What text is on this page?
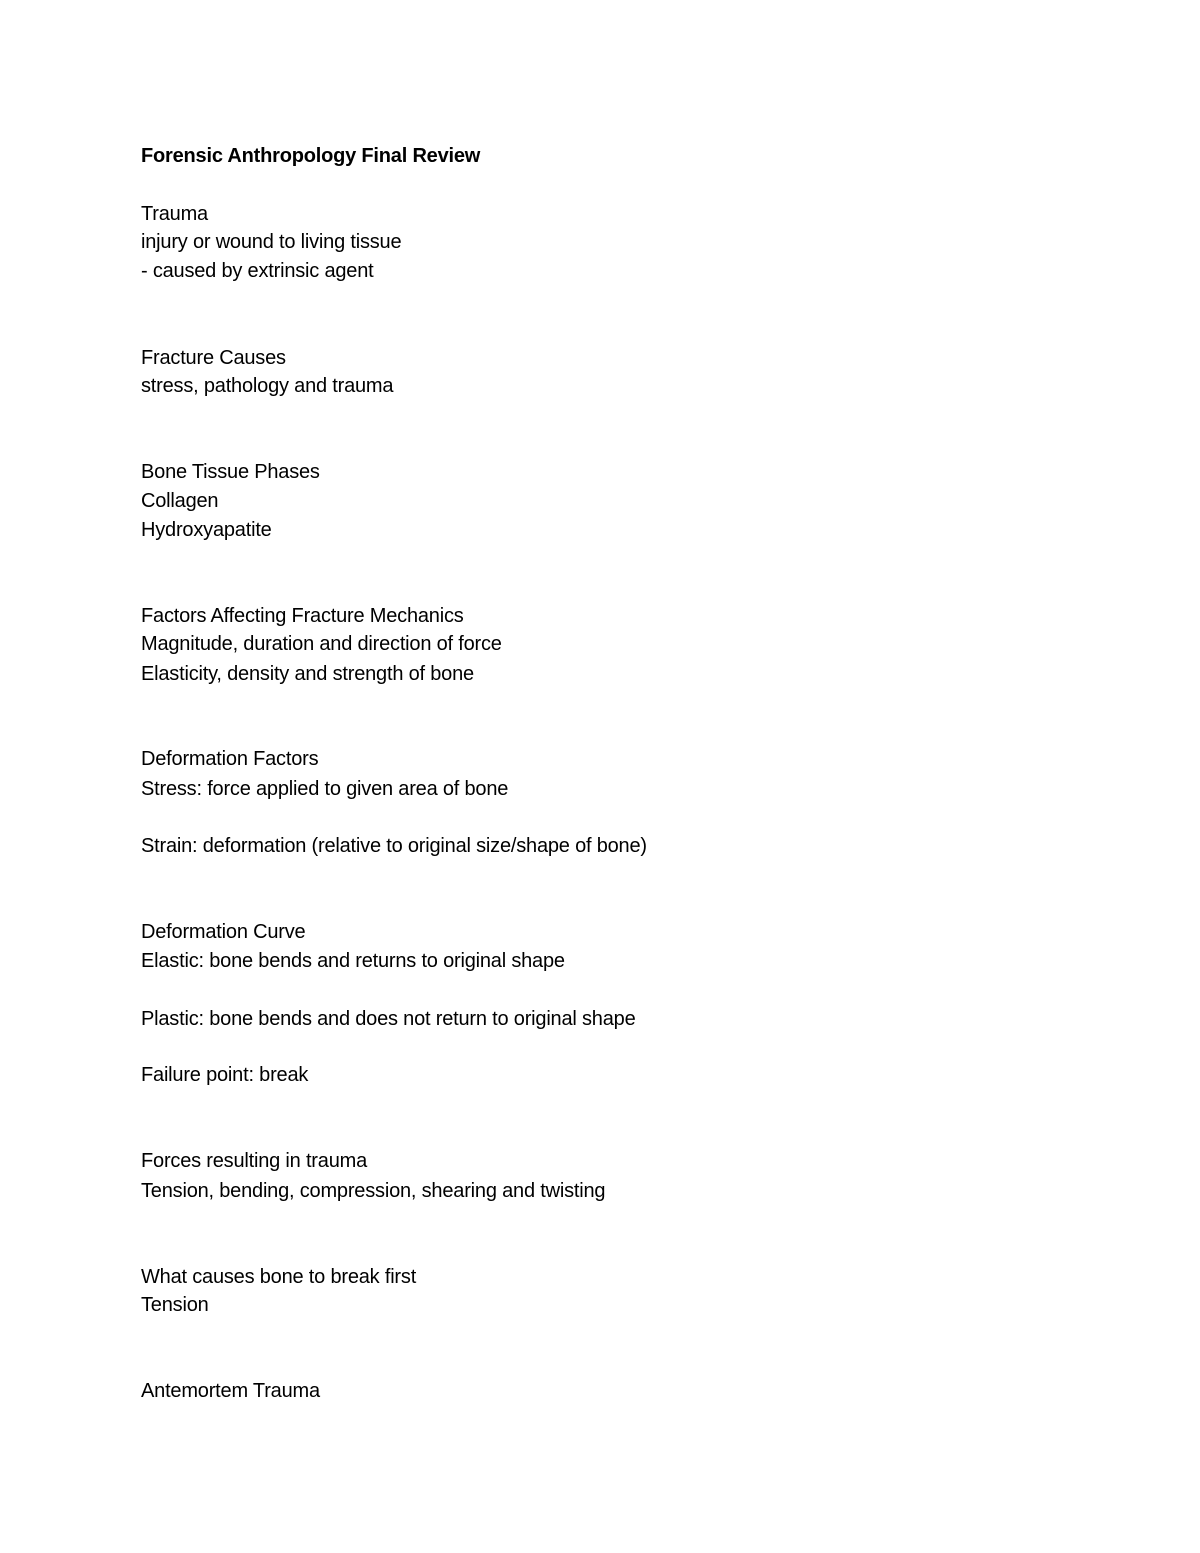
Forensic Anthropology Final Review
Trauma
injury or wound to living tissue
- caused by extrinsic agent
Fracture Causes
stress, pathology and trauma
Bone Tissue Phases
Collagen
Hydroxyapatite
Factors Affecting Fracture Mechanics
Magnitude, duration and direction of force
Elasticity, density and strength of bone
Deformation Factors
Stress: force applied to given area of bone
Strain: deformation (relative to original size/shape of bone)
Deformation Curve
Elastic: bone bends and returns to original shape
Plastic: bone bends and does not return to original shape
Failure point: break
Forces resulting in trauma
Tension, bending, compression, shearing and twisting
What causes bone to break first
Tension
Antemortem Trauma
